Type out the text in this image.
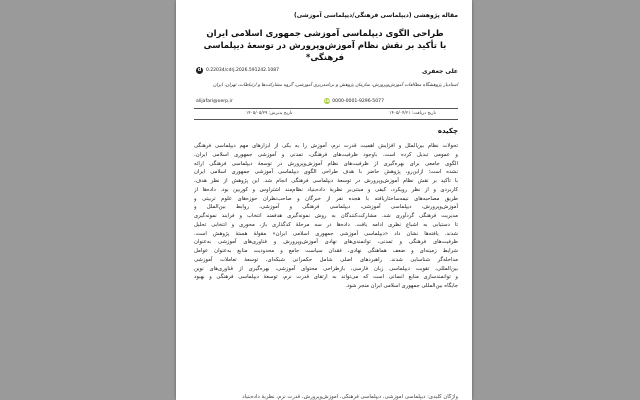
مقاله پژوهشی (دیپلماسی فرهنگی/دیپلماسی آموزشی)
طراحی الگوی دیپلماسی آموزشی جمهوری اسلامی ایران
با تأکید بر نقش نظام آموزش‌وپرورش در توسعهٔ دیپلماسی فرهنگی*
d	0.22034/cdrj.2026.591242.1087	علی جعفری
استادیار پژوهشگاه مطالعات آموزش‌وپرورش، سازمان پژوهش و برنامه‌ریزی آموزشی، گروه مشارکت‌ها و ارتباطات، تهران، ایران
iD 0000-0001-9296-5077
alijafari@oerp.ir
تاریخ دریافت: ۱۴۰۵/۰۴/۲۱
تاریخ پذیرش: ۱۴۰۵/۰۵/۲۹
چکیده
تحولات نظام بین‌الملل و افزایش اهمیت قدرت نرم، آموزش را به یکی از ابزارهای مهم دیپلماسی فرهنگی
و عمومی تبدیل کرده است. باوجود ظرفیت‌های فرهنگی، تمدنی و آموزشی جمهوری اسلامی ایران،
الگوی جامعی برای بهره‌گیری از ظرفیت‌های نظام آموزش‌وپرورش در توسعهٔ دیپلماسی فرهنگی ارائه
نشده است؛ ازاین‌رو، پژوهش حاضر با هدف طراحی الگوی دیپلماسی آموزشی جمهوری اسلامی ایران
با تأکید بر نقش نظام آموزش‌وپرورش در توسعهٔ دیپلماسی فرهنگی انجام شد. این پژوهش از نظر هدف،
کاربردی و از نظر رویکرد، کیفی و مبتنی‌بر نظریهٔ داده‌بنیاد نظام‌مند اشتراوس و کوربین بود. داده‌ها از
طریق مصاحبه‌های نیمه‌ساختاریافته با هجده نفر از خبرگان و صاحب‌نظران حوزه‌های علوم تربیتی و
آموزش‌وپرورش، دیپلماسی آموزشی، دیپلماسی فرهنگی و آموزشی، روابط بین‌الملل و
مدیریت فرهنگی گردآوری شد. مشارکت‌کنندگان به روش نمونه‌گیری هدفمند انتخاب و فرایند نمونه‌گیری
تا دستیابی به اشباع نظری ادامه یافت. داده‌ها در سه مرحلهٔ کدگذاری باز، محوری و انتخابی تحلیل
شدند. یافته‌ها نشان داد «دیپلماسی آموزشی جمهوری اسلامی ایران» مقولهٔ هستهٔ پژوهش است.
ظرفیت‌های فرهنگی و تمدنی، توانمندی‌های نهادی آموزش‌وپرورش و فناوری‌های آموزشی به‌عنوان
شرایط زمینه‌ای و ضعف هماهنگی نهادی، فقدان سیاست جامع و محدودیت منابع به‌عنوان عوامل
مداخله‌گر شناسایی شدند. راهبردهای اصلی شامل حکمرانی شبکه‌ای، توسعهٔ تعاملات آموزشی
بین‌المللی، تقویت دیپلماسی زبان فارسی، بازطراحی محتوای آموزشی، بهره‌گیری از فناوری‌های نوین
و توانمندسازی منابع انسانی است که می‌تواند به ارتقای قدرت نرم، توسعهٔ دیپلماسی فرهنگی و بهبود
جایگاه بین‌المللی جمهوری اسلامی ایران منجر شود.
واژگان کلیدی: دیپلماسی آموزشی، دیپلماسی فرهنگی، آموزش‌وپرورش، قدرت نرم، نظریهٔ داده‌بنیاد
